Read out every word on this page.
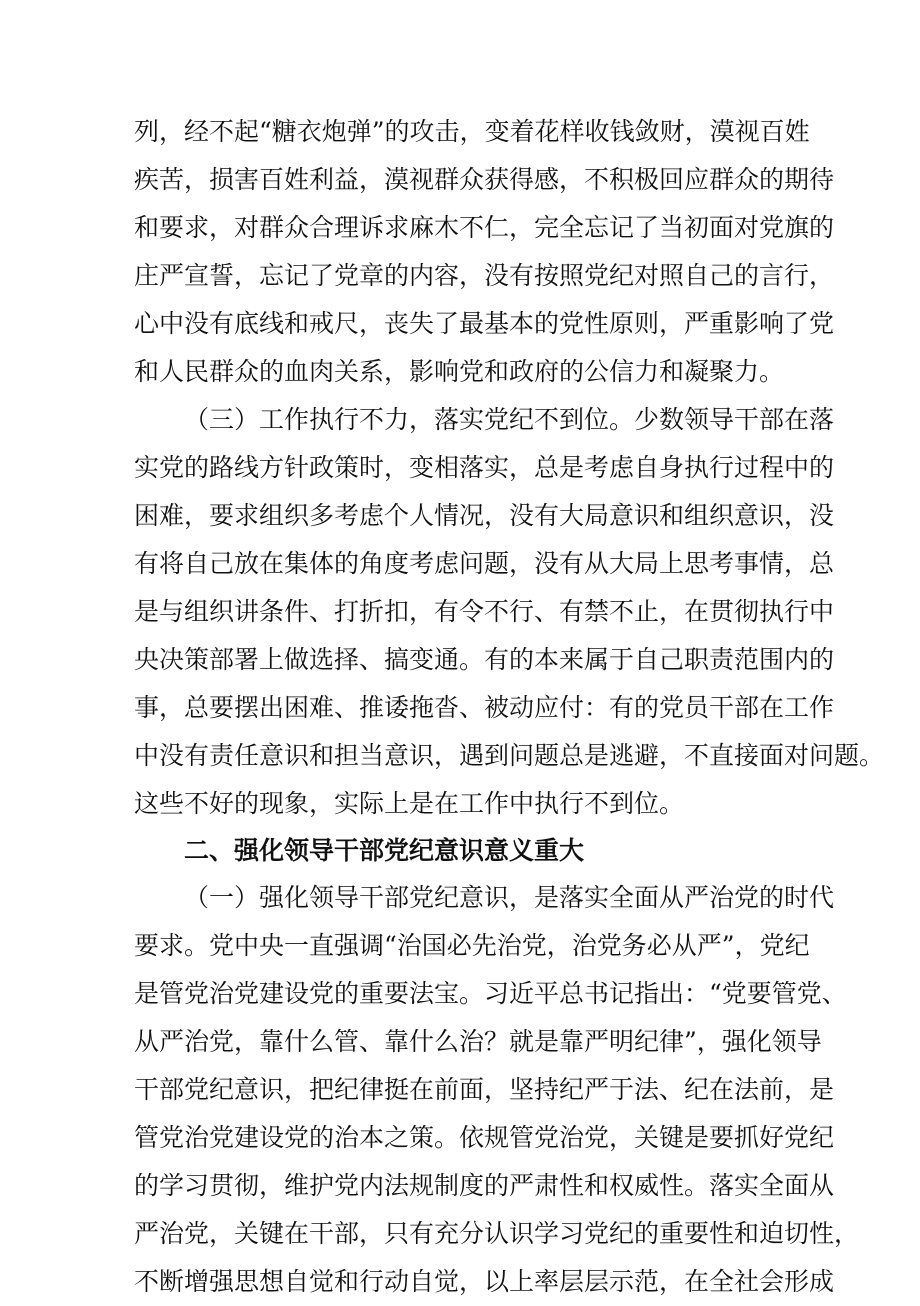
列，经不起“糖衣炮弹”的攻击，变着花样收钱敛财，漠视百姓
疾苦，损害百姓利益，漠视群众获得感，不积极回应群众的期待
和要求，对群众合理诉求麻木不仁，完全忘记了当初面对党旗的
庄严宣誓，忘记了党章的内容，没有按照党纪对照自己的言行，
心中没有底线和戒尺，丧失了最基本的党性原则，严重影响了党
和人民群众的血肉关系，影响党和政府的公信力和凝聚力。
（三）工作执行不力，落实党纪不到位。少数领导干部在落
实党的路线方针政策时，变相落实，总是考虑自身执行过程中的
困难，要求组织多考虑个人情况，没有大局意识和组织意识，没
有将自己放在集体的角度考虑问题，没有从大局上思考事情，总
是与组织讲条件、打折扣，有令不行、有禁不止，在贯彻执行中
央决策部署上做选择、搞变通。有的本来属于自己职责范围内的
事，总要摆出困难、推诿拖沓、被动应付：有的党员干部在工作
中没有责任意识和担当意识，遇到问题总是逃避，不直接面对问题。
这些不好的现象，实际上是在工作中执行不到位。
二、强化领导干部党纪意识意义重大
（一）强化领导干部党纪意识，是落实全面从严治党的时代
要求。党中央一直强调“治国必先治党，治党务必从严”，党纪
是管党治党建设党的重要法宝。习近平总书记指出：“党要管党、
从严治党，靠什么管、靠什么治？就是靠严明纪律”，强化领导
干部党纪意识，把纪律挺在前面，坚持纪严于法、纪在法前，是
管党治党建设党的治本之策。依规管党治党，关键是要抓好党纪
的学习贯彻，维护党内法规制度的严肃性和权威性。落实全面从
严治党，关键在干部，只有充分认识学习党纪的重要性和迫切性，
不断增强思想自觉和行动自觉，以上率层层示范，在全社会形成
